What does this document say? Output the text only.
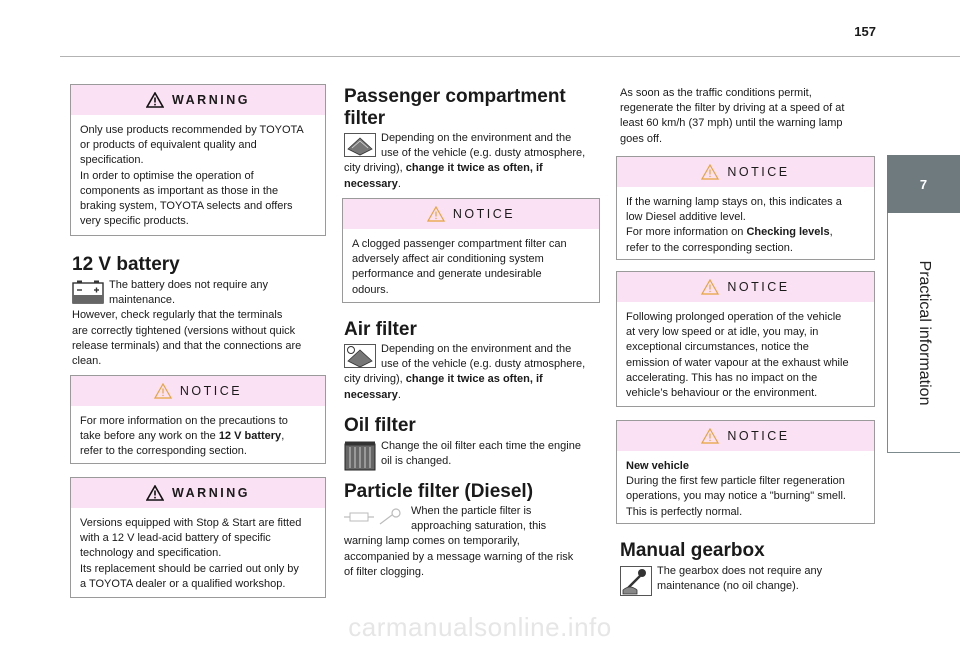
157
7
Practical information
WARNING
Only use products recommended by TOYOTA
or products of equivalent quality and
specification.
In order to optimise the operation of
components as important as those in the
braking system, TOYOTA selects and offers
very specific products.
12 V battery
The battery does not require any
maintenance.
However, check regularly that the terminals
are correctly tightened (versions without quick
release terminals) and that the connections are
clean.
NOTICE
For more information on the precautions to
take before any work on the 12 V battery,
refer to the corresponding section.
WARNING
Versions equipped with Stop & Start are fitted
with a 12 V lead-acid battery of specific
technology and specification.
Its replacement should be carried out only by
a TOYOTA dealer or a qualified workshop.
Passenger compartment
filter
Depending on the environment and the
use of the vehicle (e.g. dusty atmosphere,
city driving), change it twice as often, if
necessary.
NOTICE
A clogged passenger compartment filter can
adversely affect air conditioning system
performance and generate undesirable
odours.
Air filter
Depending on the environment and the
use of the vehicle (e.g. dusty atmosphere,
city driving), change it twice as often, if
necessary.
Oil filter
Change the oil filter each time the engine
oil is changed.
Particle filter (Diesel)
When the particle filter is
approaching saturation, this
warning lamp comes on temporarily,
accompanied by a message warning of the risk
of filter clogging.
As soon as the traffic conditions permit,
regenerate the filter by driving at a speed of at
least 60 km/h (37 mph) until the warning lamp
goes off.
NOTICE
If the warning lamp stays on, this indicates a
low Diesel additive level.
For more information on Checking levels,
refer to the corresponding section.
NOTICE
Following prolonged operation of the vehicle
at very low speed or at idle, you may, in
exceptional circumstances, notice the
emission of water vapour at the exhaust while
accelerating. This has no impact on the
vehicle’s behaviour or the environment.
NOTICE
New vehicle
During the first few particle filter regeneration
operations, you may notice a "burning" smell.
This is perfectly normal.
Manual gearbox
The gearbox does not require any
maintenance (no oil change).
carmanualsonline.info
